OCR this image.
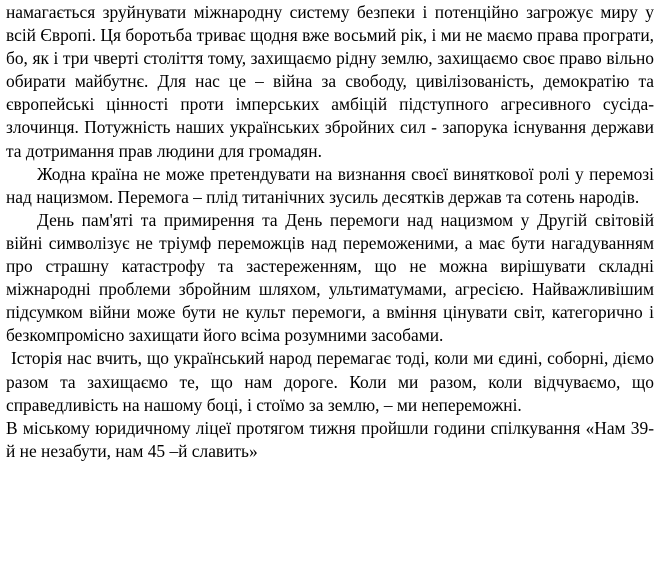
намагається зруйнувати міжнародну систему безпеки і потенційно загрожує миру у всій Європі. Ця боротьба триває щодня вже восьмий рік, і ми не маємо права програти, бо, як і три чверті століття тому, захищаємо рідну землю, захищаємо своє право вільно обирати майбутнє. Для нас це – війна за свободу, цивілізованість, демократію та європейські цінності проти імперських амбіцій підступного агресивного сусіда-злочинця. Потужність наших українських збройних сил - запорука існування держави та дотримання прав людини для громадян.

Жодна країна не може претендувати на визнання своєї виняткової ролі у перемозі над нацизмом. Перемога – плід титанічних зусиль десятків держав та сотень народів.

День пам'яті та примирення та День перемоги над нацизмом у Другій світовій війні символізує не тріумф переможців над переможеними, а має бути нагадуванням про страшну катастрофу та застереженням, що не можна вирішувати складні міжнародні проблеми збройним шляхом, ультиматумами, агресією. Найважливішим підсумком війни може бути не культ перемоги, а вміння цінувати світ, категорично і безкомпромісно захищати його всіма розумними засобами.

Історія нас вчить, що український народ перемагає тоді, коли ми єдині, соборні, діємо разом та захищаємо те, що нам дороге. Коли ми разом, коли відчуваємо, що справедливість на нашому боці, і стоїмо за землю, – ми непереможні.

В міському юридичному ліцеї протягом тижня пройшли години спілкування «Нам 39-й не незабути, нам 45 –й славить»
